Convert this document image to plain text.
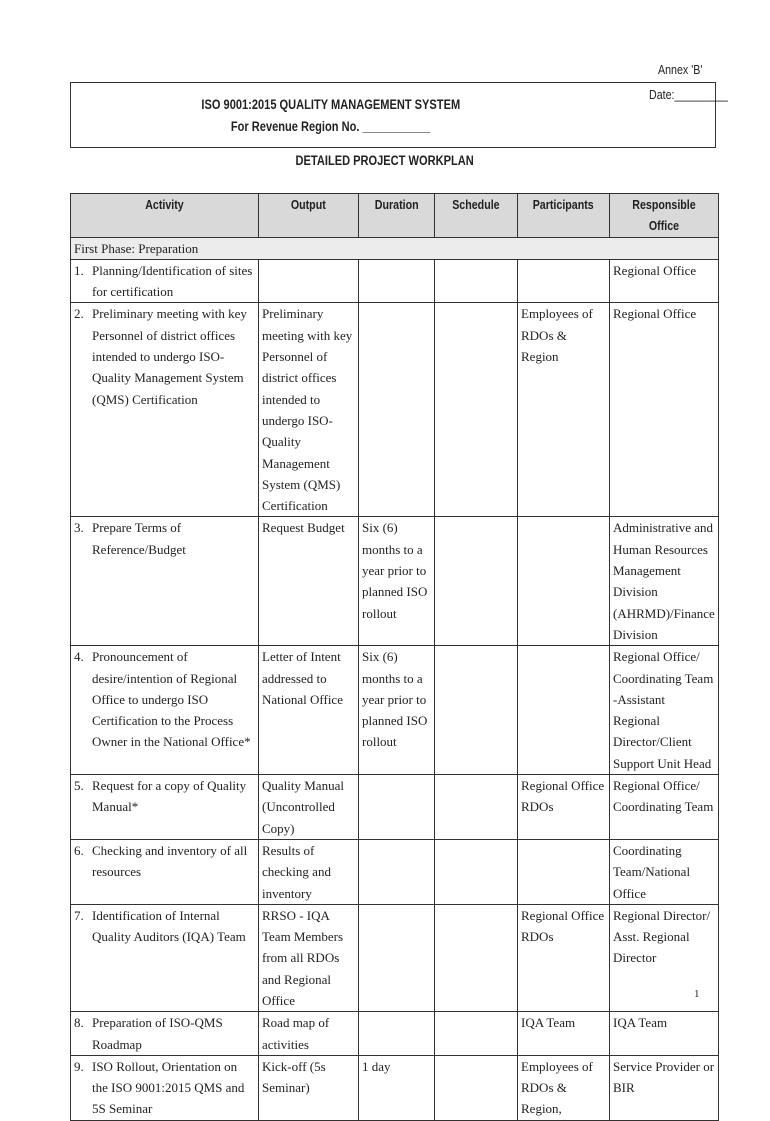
Annex 'B'
ISO 9001:2015 QUALITY MANAGEMENT SYSTEM
For Revenue Region No. ___________
Date:_________
DETAILED PROJECT WORKPLAN
Activity	Output	Duration	Schedule	Participants	Responsible Office
First Phase: Preparation					

1. Planning/Identification of sites for certification					Regional Office

2. Preliminary meeting with key Personnel of district offices intended to undergo ISO-Quality Management System (QMS) Certification	Preliminary meeting with key Personnel of district offices intended to undergo ISO-Quality Management System (QMS) Certification			Employees of RDOs & Region	Regional Office

3. Prepare Terms of Reference/Budget	Request Budget	Six (6) months to a year prior to planned ISO rollout			Administrative and Human Resources Management Division (AHRMD)/Finance Division

4. Pronouncement of desire/intention of Regional Office to undergo ISO Certification to the Process Owner in the National Office*	Letter of Intent addressed to National Office	Six (6) months to a year prior to planned ISO rollout			Regional Office/ Coordinating Team -Assistant Regional Director/Client Support Unit Head

5. Request for a copy of Quality Manual*	Quality Manual (Uncontrolled Copy)			Regional Office RDOs	Regional Office/ Coordinating Team

6. Checking and inventory of all resources	Results of checking and inventory				Coordinating Team/National Office

7. Identification of Internal Quality Auditors (IQA) Team	RRSO - IQA Team Members from all RDOs and Regional Office			Regional Office RDOs	Regional Director/ Asst. Regional Director

8. Preparation of ISO-QMS Roadmap	Road map of activities			IQA Team	IQA Team

9. ISO Rollout, Orientation on the ISO 9001:2015 QMS and 5S Seminar	Kick-off (5s Seminar)	1 day		Employees of RDOs & Region,	Service Provider or BIR
1
